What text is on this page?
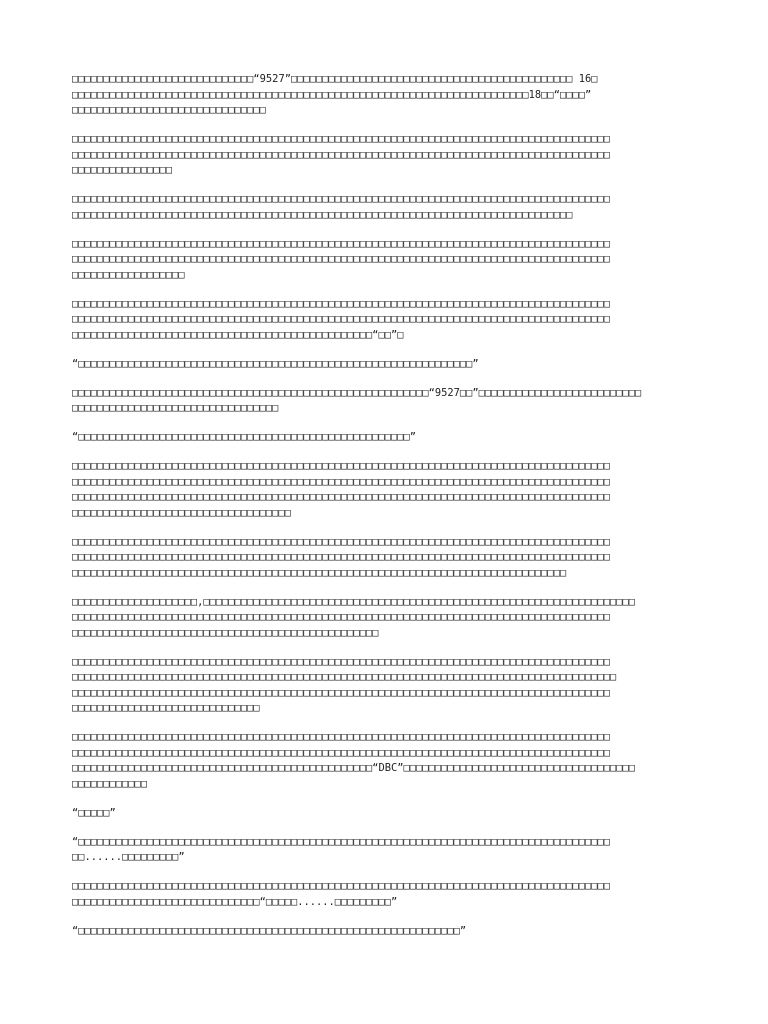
□□□□□□□□□□□□□□□□□□□□□□□□□□□□□“9527”□□□□□□□□□□□□□□□□□□□□□□□□□□□□□□□□□□□□□□□□□□□□□ 16□
□□□□□□□□□□□□□□□□□□□□□□□□□□□□□□□□□□□□□□□□□□□□□□□□□□□□□□□□□□□□□□□□□□□□□□□□□18□□“□□□□”
□□□□□□□□□□□□□□□□□□□□□□□□□□□□□□□

□□□□□□□□□□□□□□□□□□□□□□□□□□□□□□□□□□□□□□□□□□□□□□□□□□□□□□□□□□□□□□□□□□□□□□□□□□□□□□□□□□□□□□
□□□□□□□□□□□□□□□□□□□□□□□□□□□□□□□□□□□□□□□□□□□□□□□□□□□□□□□□□□□□□□□□□□□□□□□□□□□□□□□□□□□□□□
□□□□□□□□□□□□□□□□

□□□□□□□□□□□□□□□□□□□□□□□□□□□□□□□□□□□□□□□□□□□□□□□□□□□□□□□□□□□□□□□□□□□□□□□□□□□□□□□□□□□□□□
□□□□□□□□□□□□□□□□□□□□□□□□□□□□□□□□□□□□□□□□□□□□□□□□□□□□□□□□□□□□□□□□□□□□□□□□□□□□□□□□

□□□□□□□□□□□□□□□□□□□□□□□□□□□□□□□□□□□□□□□□□□□□□□□□□□□□□□□□□□□□□□□□□□□□□□□□□□□□□□□□□□□□□□
□□□□□□□□□□□□□□□□□□□□□□□□□□□□□□□□□□□□□□□□□□□□□□□□□□□□□□□□□□□□□□□□□□□□□□□□□□□□□□□□□□□□□□
□□□□□□□□□□□□□□□□□□

□□□□□□□□□□□□□□□□□□□□□□□□□□□□□□□□□□□□□□□□□□□□□□□□□□□□□□□□□□□□□□□□□□□□□□□□□□□□□□□□□□□□□□
□□□□□□□□□□□□□□□□□□□□□□□□□□□□□□□□□□□□□□□□□□□□□□□□□□□□□□□□□□□□□□□□□□□□□□□□□□□□□□□□□□□□□□
□□□□□□□□□□□□□□□□□□□□□□□□□□□□□□□□□□□□□□□□□□□□□□□□“□□”□

“□□□□□□□□□□□□□□□□□□□□□□□□□□□□□□□□□□□□□□□□□□□□□□□□□□□□□□□□□□□□□□□”

□□□□□□□□□□□□□□□□□□□□□□□□□□□□□□□□□□□□□□□□□□□□□□□□□□□□□□□□□“9527□□”□□□□□□□□□□□□□□□□□□□□□□□□□□
□□□□□□□□□□□□□□□□□□□□□□□□□□□□□□□□□

“□□□□□□□□□□□□□□□□□□□□□□□□□□□□□□□□□□□□□□□□□□□□□□□□□□□□□”

□□□□□□□□□□□□□□□□□□□□□□□□□□□□□□□□□□□□□□□□□□□□□□□□□□□□□□□□□□□□□□□□□□□□□□□□□□□□□□□□□□□□□□
□□□□□□□□□□□□□□□□□□□□□□□□□□□□□□□□□□□□□□□□□□□□□□□□□□□□□□□□□□□□□□□□□□□□□□□□□□□□□□□□□□□□□□
□□□□□□□□□□□□□□□□□□□□□□□□□□□□□□□□□□□□□□□□□□□□□□□□□□□□□□□□□□□□□□□□□□□□□□□□□□□□□□□□□□□□□□
□□□□□□□□□□□□□□□□□□□□□□□□□□□□□□□□□□□

□□□□□□□□□□□□□□□□□□□□□□□□□□□□□□□□□□□□□□□□□□□□□□□□□□□□□□□□□□□□□□□□□□□□□□□□□□□□□□□□□□□□□□
□□□□□□□□□□□□□□□□□□□□□□□□□□□□□□□□□□□□□□□□□□□□□□□□□□□□□□□□□□□□□□□□□□□□□□□□□□□□□□□□□□□□□□
□□□□□□□□□□□□□□□□□□□□□□□□□□□□□□□□□□□□□□□□□□□□□□□□□□□□□□□□□□□□□□□□□□□□□□□□□□□□□□□

□□□□□□□□□□□□□□□□□□□□,□□□□□□□□□□□□□□□□□□□□□□□□□□□□□□□□□□□□□□□□□□□□□□□□□□□□□□□□□□□□□□□□□□□□□
□□□□□□□□□□□□□□□□□□□□□□□□□□□□□□□□□□□□□□□□□□□□□□□□□□□□□□□□□□□□□□□□□□□□□□□□□□□□□□□□□□□□□□
□□□□□□□□□□□□□□□□□□□□□□□□□□□□□□□□□□□□□□□□□□□□□□□□□

□□□□□□□□□□□□□□□□□□□□□□□□□□□□□□□□□□□□□□□□□□□□□□□□□□□□□□□□□□□□□□□□□□□□□□□□□□□□□□□□□□□□□□
□□□□□□□□□□□□□□□□□□□□□□□□□□□□□□□□□□□□□□□□□□□□□□□□□□□□□□□□□□□□□□□□□□□□□□□□□□□□□□□□□□□□□□□
□□□□□□□□□□□□□□□□□□□□□□□□□□□□□□□□□□□□□□□□□□□□□□□□□□□□□□□□□□□□□□□□□□□□□□□□□□□□□□□□□□□□□□
□□□□□□□□□□□□□□□□□□□□□□□□□□□□□□

□□□□□□□□□□□□□□□□□□□□□□□□□□□□□□□□□□□□□□□□□□□□□□□□□□□□□□□□□□□□□□□□□□□□□□□□□□□□□□□□□□□□□□
□□□□□□□□□□□□□□□□□□□□□□□□□□□□□□□□□□□□□□□□□□□□□□□□□□□□□□□□□□□□□□□□□□□□□□□□□□□□□□□□□□□□□□
□□□□□□□□□□□□□□□□□□□□□□□□□□□□□□□□□□□□□□□□□□□□□□□□“DBC”□□□□□□□□□□□□□□□□□□□□□□□□□□□□□□□□□□□□□
□□□□□□□□□□□□

“□□□□□”

“□□□□□□□□□□□□□□□□□□□□□□□□□□□□□□□□□□□□□□□□□□□□□□□□□□□□□□□□□□□□□□□□□□□□□□□□□□□□□□□□□□□□□
□□......□□□□□□□□□”

□□□□□□□□□□□□□□□□□□□□□□□□□□□□□□□□□□□□□□□□□□□□□□□□□□□□□□□□□□□□□□□□□□□□□□□□□□□□□□□□□□□□□□
□□□□□□□□□□□□□□□□□□□□□□□□□□□□□□“□□□□□......□□□□□□□□□”

“□□□□□□□□□□□□□□□□□□□□□□□□□□□□□□□□□□□□□□□□□□□□□□□□□□□□□□□□□□□□□”
